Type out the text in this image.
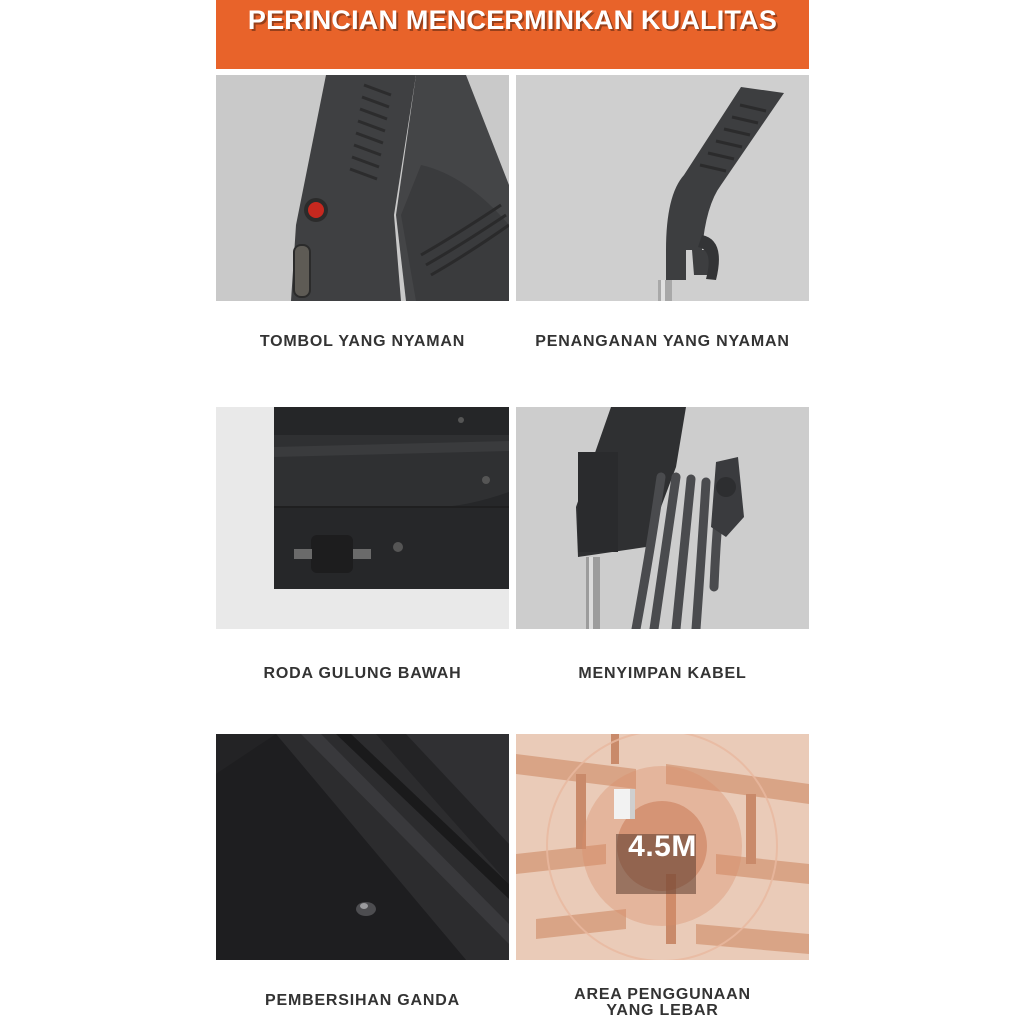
PERINCIAN MENCERMINKAN KUALITAS
TOMBOL YANG NYAMAN	PENANGANAN YANG NYAMAN
RODA GULUNG BAWAH	MENYIMPAN KABEL
PEMBERSIHAN GANDA
4.5M
AREA PENGGUNAAN
YANG LEBAR
